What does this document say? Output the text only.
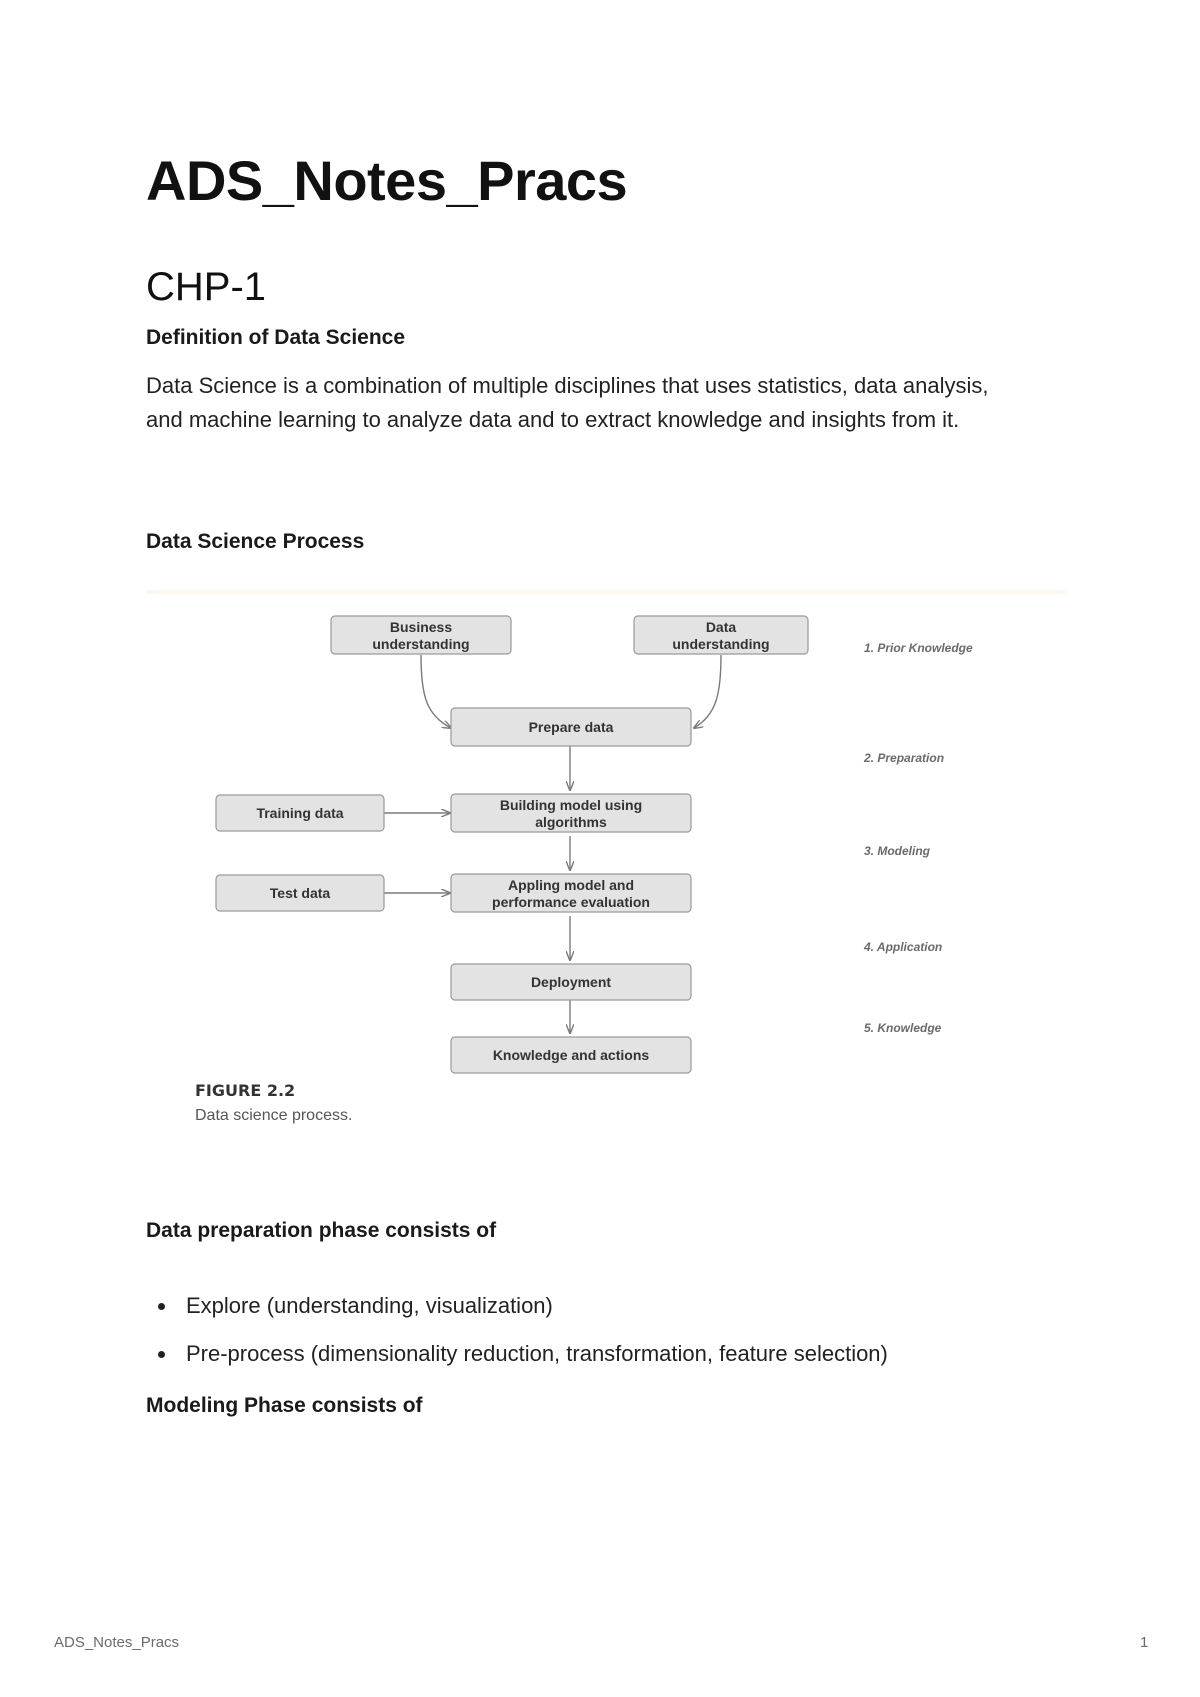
ADS_Notes_Pracs
CHP-1
Definition of Data Science

Data Science is a combination of multiple disciplines that uses statistics, data analysis, and machine learning to analyze data and to extract knowledge and insights from it.

Data Science Process
Business
understanding
Data
understanding
Prepare data
Training data	Building model using
algorithms
Test data	Appling model and
performance evaluation
Deployment
Knowledge and actions
1. Prior Knowledge
2. Preparation
3. Modeling
4. Application
5. Knowledge
FIGURE 2.2
Data science process.
Data preparation phase consists of
Explore (understanding, visualization)
Pre-process (dimensionality reduction, transformation, feature selection)
Modeling Phase consists of
ADS_Notes_Pracs	1
